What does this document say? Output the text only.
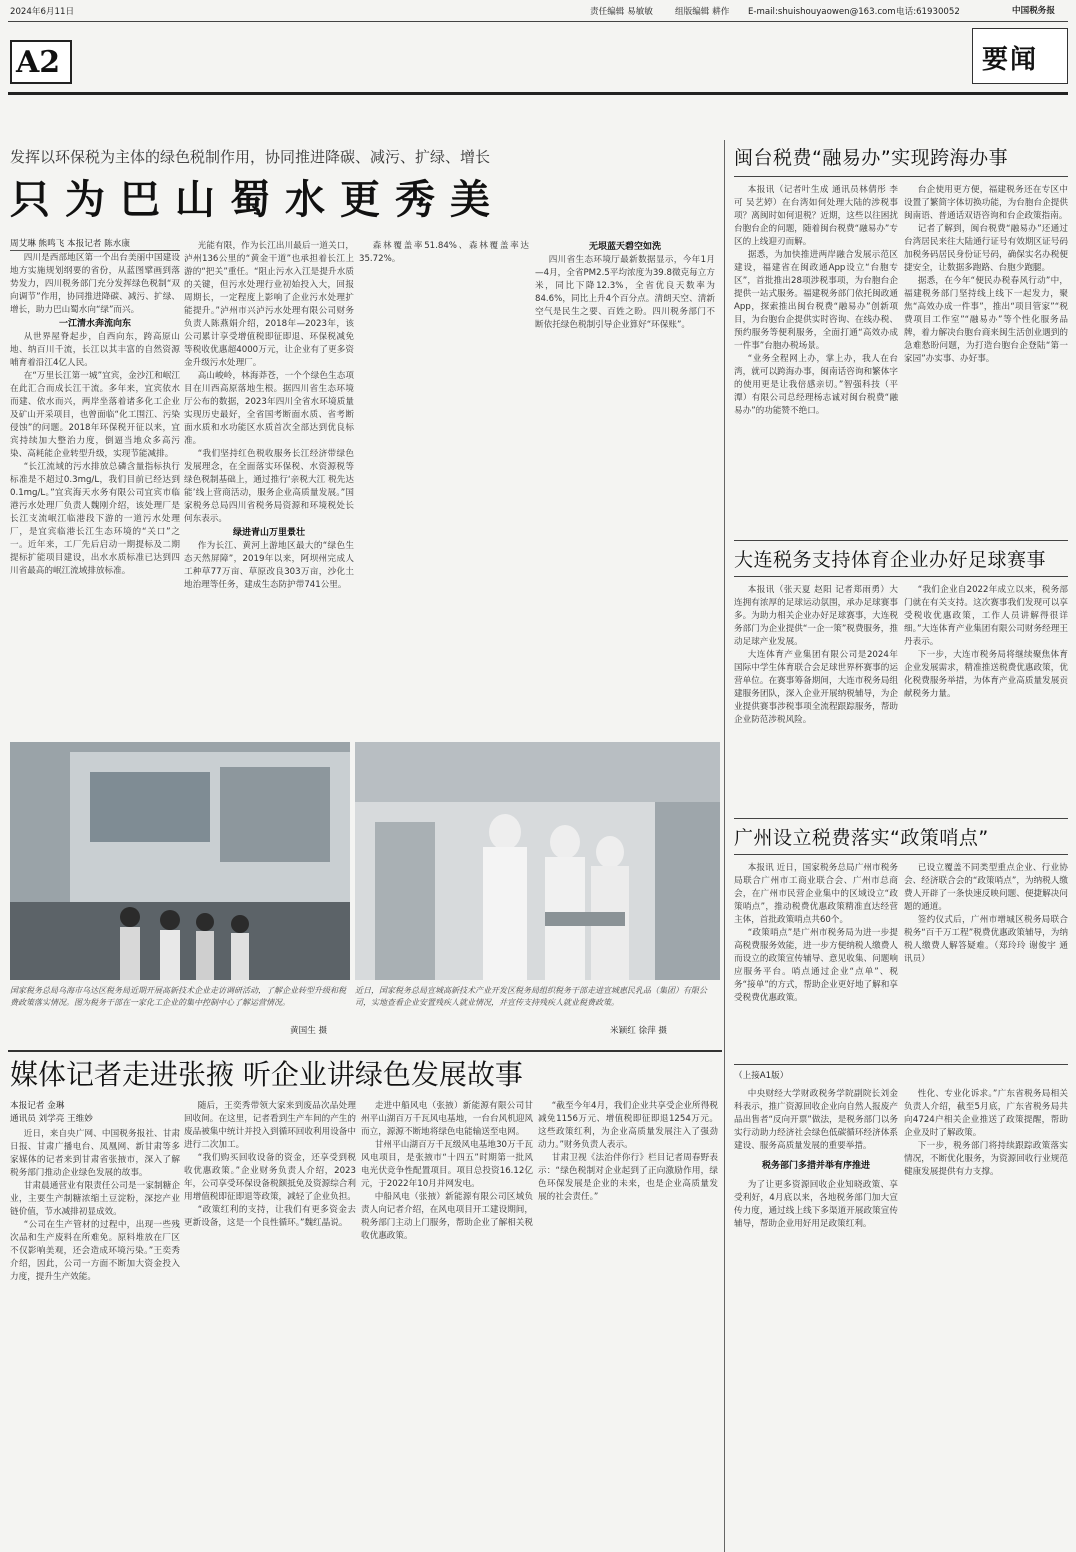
2024年6月11日	责任编辑 易敏敏	组版编辑 耕作 E-mail:shuishouyaowen@163.com 电话:61930052	中国税务报
A2	要闻
发挥以环保税为主体的绿色税制作用，协同推进降碳、减污、扩绿、增长
只为巴山蜀水更秀美
周艾琳 熊鸣飞 本报记者 陈水康

四川是西部地区第一个出台美丽中国建设地方实施规划纲要的省份，从蓝图擘画到落势发力，四川税务部门充分发挥绿色税制“双向调节”作用，协同推进降碳、减污、扩绿、增长，助力巴山蜀水向“绿”而兴。

一江清水奔流向东

从世界屋脊起步，自西向东，跨高原山地、纳百川千流，长江以其丰富的自然资源哺育着沿江4亿人民。

在“万里长江第一城”宜宾，金沙江和岷江在此汇合而成长江干流。多年来，宜宾依水而建、依水而兴，两岸坐落着诸多化工企业及矿山开采项目，也曾面临“化工围江、污染侵蚀”的问题。2018年环保税开征以来，宜宾持续加大整治力度，倒逼当地众多高污染、高耗能企业转型升级，实现节能减排。

“长江流域的污水排放总磷含量指标执行标准是不超过0.3mg/L，我们目前已经达到0.1mg/L。”宜宾海天水务有限公司宜宾市临港污水处理厂负责人魏刚介绍，该处理厂是长江支流岷江临港段下游的一道污水处理厂，是宜宾临港长江生态环境的“关口”之一。近年来，工厂先后启动一期提标及二期提标扩能项目建设，出水水质标准已达到四川省最高的岷江流域排放标准。

光能有限，作为长江出川最后一道关口，泸州136公里的“黄金干道”也承担着长江上游的“把关”重任。“阻止污水入江是提升水质的关键，但污水处理行业初始投入大，回报周期长，一定程度上影响了企业污水处理扩能提升。”泸州市兴泸污水处理有限公司财务负责人陈燕娟介绍，2018年—2023年，该公司累计享受增值税即征即退、环保税减免等税收优惠超4000万元，让企业有了更多资金升级污水处理厂。

高山峻岭，林海莽苍，一个个绿色生态项目在川西高原落地生根。据四川省生态环境厅公布的数据，2023年四川全省水环境质量实现历史最好，全省国考断面水质、省考断面水质和水功能区水质首次全部达到优良标准。

“我们坚持红色税收服务长江经济带绿色发展理念，在全面落实环保税、水资源税等绿色税制基础上，通过推行‘亲税大江 税先达能’线上营商活动，服务企业高质量发展。”国家税务总局四川省税务局资源和环境税处长何东表示。

绿进青山万里景壮

作为长江、黄河上游地区最大的“绿色生态天然屏障”，2019年以来，阿坝州完成人工种草77万亩、草原改良303万亩，沙化土地治理等任务，建成生态防护带741公里。

森林覆盖率51.84%、森林覆盖率达35.72%。

无垠蓝天碧空如洗

四川省生态环境厅最新数据显示，今年1月—4月，全省PM2.5平均浓度为39.8微克每立方米，同比下降12.3%，全省优良天数率为84.6%，同比上升4个百分点。清朗天空、清新空气是民生之要、百姓之盼。四川税务部门不断依托绿色税制引导企业算好“环保账”。

国家税务总局乌海市乌达区税务局近期开展高新技术企业走访调研活动，了解企业转型升级和税费政策落实情况。图为税务干部在一家化工企业的集中控制中心了解运营情况。
黄国生 摄
近日，国家税务总局宣城高新技术产业开发区税务局组织税务干部走进宣城惠民乳品（集团）有限公司，实地查看企业安置残疾人就业情况，并宣传支持残疾人就业税费政策。
米颖红 徐萍 摄
媒体记者走进张掖 听企业讲绿色发展故事
本报记者 金琳
通讯员 刘学亮 王维妙

近日，来自央广网、中国税务报社、甘肃日报、甘肃广播电台、凤凰网、新甘肃等多家媒体的记者来到甘肃省张掖市，深入了解税务部门推动企业绿色发展的故事。

甘肃晨通营业有限责任公司是一家制糖企业，主要生产制糖浓缩土豆淀粉，深挖产业链价值，节水减排初显成效。

“公司在生产管材的过程中，出现一些残次品和生产废料在所难免。原料堆放在厂区不仅影响美观，还会造成环境污染。”王奕秀介绍，因此，公司一方面不断加大资金投入力度，提升生产效能。

随后，王奕秀带领大家来到废品次品处理回收间。在这里，记者看到生产车间的产生的废品被集中统计并投入到循环回收利用设备中进行二次加工。

“我们购买回收设备的资金，还享受到税收优惠政策。”企业财务负责人介绍，2023年，公司享受环保设备税额抵免及资源综合利用增值税即征即退等政策，减轻了企业负担。

“政策红利的支持，让我们有更多资金去更新设备，这是一个良性循环。”魏红晶说。

走进中船风电（张掖）新能源有限公司甘州平山湖百万千瓦风电基地，一台台风机迎风而立，源源不断地将绿色电能输送至电网。

甘州平山湖百万千瓦级风电基地30万千瓦风电项目，是张掖市“十四五”时期第一批风电光伏竞争性配置项目。项目总投资16.12亿元，于2022年10月并网发电。

中船风电（张掖）新能源有限公司区域负责人向记者介绍，在风电项目开工建设期间，税务部门主动上门服务，帮助企业了解相关税收优惠政策。

“截至今年4月，我们企业共享受企业所得税减免1156万元、增值税即征即退1254万元。这些政策红利，为企业高质量发展注入了强劲动力。”财务负责人表示。

甘肃卫视《法治伴你行》栏目记者周春野表示：“绿色税制对企业起到了正向激励作用，绿色环保发展是企业的未来，也是企业高质量发展的社会责任。”

闽台税费“融易办”实现跨海办事

本报讯（记者叶生成 通讯员林倩彤 李可 吴艺婷）在台湾如何处理大陆的涉税事项？离闽时如何退税？近期，这些以往困扰台胞台企的问题，随着闽台税费“融易办”专区的上线迎刃而解。

据悉，为加快推进两岸融合发展示范区建设，福建省在闽政通App设立“台胞专区”，首批推出28项涉税事项，为台胞台企提供一站式服务。福建税务部门依托闽政通App，探索推出闽台税费“融易办”创新项目，为台胞台企提供实时咨询、在线办税、预约服务等便利服务，全面打通“高效办成一件事”台胞办税场景。

“业务全程网上办，掌上办，我人在台湾，就可以跨海办事，闽南话咨询和繁体字的使用更是让我倍感亲切。”智强科技（平潭）有限公司总经理杨志诚对闽台税费“融易办”的功能赞不绝口。

台企使用更方便，福建税务还在专区中设置了繁简字体切换功能，为台胞台企提供闽南语、普通话双语咨询和台企政策指南。

记者了解到，闽台税费“融易办”还通过台湾居民来往大陆通行证号有效期区证号码加税务码居民身份证号码，确保实名办税便捷安全，让数据多跑路、台胞少跑腿。

据悉，在今年“便民办税春风行动”中，福建税务部门坚持线上线下一起发力，聚焦“高效办成一件事”，推出“项目管家”“税费项目工作室”“融易办”等个性化服务品牌，着力解决台胞台商来闽生活创业遇到的急难愁盼问题，为打造台胞台企登陆“第一家园”办实事、办好事。

大连税务支持体育企业办好足球赛事

本报讯（张天夏 赵阳 记者郑雨勇）大连拥有浓厚的足球运动氛围，承办足球赛事多。为助力相关企业办好足球赛事，大连税务部门为企业提供“一企一策”税费服务，推动足球产业发展。

大连体育产业集团有限公司是2024年国际中学生体育联合会足球世界杯赛事的运营单位。在赛事筹备期间，大连市税务局组建服务团队，深入企业开展纳税辅导，为企业提供赛事涉税事项全流程跟踪服务，帮助企业防范涉税风险。

“我们企业自2022年成立以来，税务部门就在有关支持。这次赛事我们发现可以享受税收优惠政策，工作人员讲解得很详细。”大连体育产业集团有限公司财务经理王丹表示。

下一步，大连市税务局将继续聚焦体育企业发展需求，精准推送税费优惠政策，优化税费服务举措，为体育产业高质量发展贡献税务力量。

广州设立税费落实“政策哨点”

本报讯 近日，国家税务总局广州市税务局联合广州市工商业联合会、广州市总商会，在广州市民营企业集中的区域设立“政策哨点”，推动税费优惠政策精准直达经营主体，首批政策哨点共60个。

“政策哨点”是广州市税务局为进一步提高税费服务效能，进一步方便纳税人缴费人而设立的政策宣传辅导、意见收集、问题响应服务平台。哨点通过企业“点单”、税务“接单”的方式，帮助企业更好地了解和享受税费优惠政策。

已设立覆盖不同类型重点企业、行业协会、经济联合会的“政策哨点”，为纳税人缴费人开辟了一条快速反映问题、便捷解决问题的通道。

签约仪式后，广州市增城区税务局联合税务“百千万工程”税费优惠政策辅导，为纳税人缴费人解答疑难。（郑玲玲 谢俊宇 通讯员）

（上接A1版）

中央财经大学财政税务学院副院长刘金科表示，推广资源回收企业向自然人报废产品出售者“反向开票”做法，是税务部门以务实行动助力经济社会绿色低碳循环经济体系建设、服务高质量发展的重要举措。

税务部门多措并举有序推进

为了让更多资源回收企业知晓政策、享受利好，4月底以来，各地税务部门加大宣传力度，通过线上线下多渠道开展政策宣传辅导，帮助企业用好用足政策红利。

性化、专业化诉求。”广东省税务局相关负责人介绍，截至5月底，广东省税务局共向4724户相关企业推送了政策提醒，帮助企业及时了解政策。

下一步，税务部门将持续跟踪政策落实情况，不断优化服务，为资源回收行业规范健康发展提供有力支撑。
